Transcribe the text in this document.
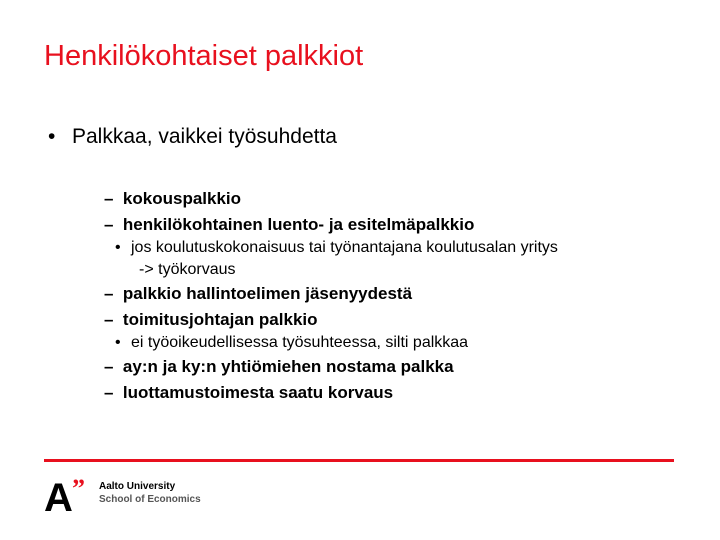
Henkilökohtaiset palkkiot
• Palkkaa, vaikkei työsuhdetta
– kokouspalkkio
– henkilökohtainen luento- ja esitelmäpalkkio
• jos koulutuskokonaisuus tai työnantajana koulutusalan yritys
-> työkorvaus
– palkkio hallintoelimen jäsenyydestä
– toimitusjohtajan palkkio
• ei työoikeudellisessa työsuhteessa, silti palkkaa
– ay:n ja ky:n yhtiömiehen nostama palkka
– luottamustoimesta saatu korvaus
A ” Aalto University
School of Economics
